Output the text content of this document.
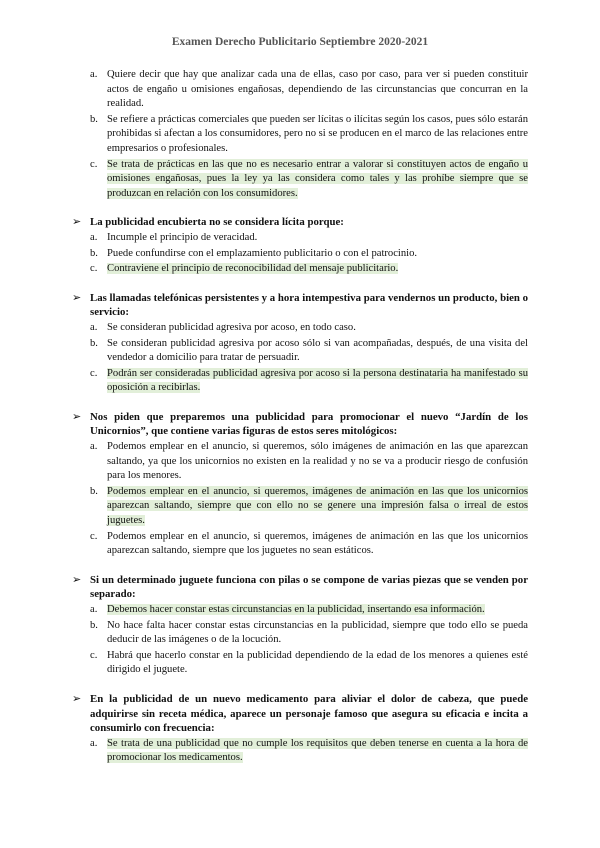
Examen Derecho Publicitario Septiembre 2020-2021
a. Quiere decir que hay que analizar cada una de ellas, caso por caso, para ver si pueden constituir actos de engaño u omisiones engañosas, dependiendo de las circunstancias que concurran en la realidad.
b. Se refiere a prácticas comerciales que pueden ser lícitas o ilícitas según los casos, pues sólo estarán prohibidas si afectan a los consumidores, pero no si se producen en el marco de las relaciones entre empresarios o profesionales.
c. Se trata de prácticas en las que no es necesario entrar a valorar si constituyen actos de engaño u omisiones engañosas, pues la ley ya las considera como tales y las prohíbe siempre que se produzcan en relación con los consumidores.
➢ La publicidad encubierta no se considera lícita porque:
a. Incumple el principio de veracidad.
b. Puede confundirse con el emplazamiento publicitario o con el patrocinio.
c. Contraviene el principio de reconocibilidad del mensaje publicitario.
➢ Las llamadas telefónicas persistentes y a hora intempestiva para vendernos un producto, bien o servicio:
a. Se consideran publicidad agresiva por acoso, en todo caso.
b. Se consideran publicidad agresiva por acoso sólo si van acompañadas, después, de una visita del vendedor a domicilio para tratar de persuadir.
c. Podrán ser consideradas publicidad agresiva por acoso si la persona destinataria ha manifestado su oposición a recibirlas.
➢ Nos piden que preparemos una publicidad para promocionar el nuevo “Jardín de los Unicornios”, que contiene varias figuras de estos seres mitológicos:
a. Podemos emplear en el anuncio, si queremos, sólo imágenes de animación en las que aparezcan saltando, ya que los unicornios no existen en la realidad y no se va a producir riesgo de confusión para los menores.
b. Podemos emplear en el anuncio, si queremos, imágenes de animación en las que los unicornios aparezcan saltando, siempre que con ello no se genere una impresión falsa o irreal de estos juguetes.
c. Podemos emplear en el anuncio, si queremos, imágenes de animación en las que los unicornios aparezcan saltando, siempre que los juguetes no sean estáticos.
➢ Si un determinado juguete funciona con pilas o se compone de varias piezas que se venden por separado:
a. Debemos hacer constar estas circunstancias en la publicidad, insertando esa información.
b. No hace falta hacer constar estas circunstancias en la publicidad, siempre que todo ello se pueda deducir de las imágenes o de la locución.
c. Habrá que hacerlo constar en la publicidad dependiendo de la edad de los menores a quienes esté dirigido el juguete.
➢ En la publicidad de un nuevo medicamento para aliviar el dolor de cabeza, que puede adquirirse sin receta médica, aparece un personaje famoso que asegura su eficacia e incita a consumirlo con frecuencia:
a. Se trata de una publicidad que no cumple los requisitos que deben tenerse en cuenta a la hora de promocionar los medicamentos.
